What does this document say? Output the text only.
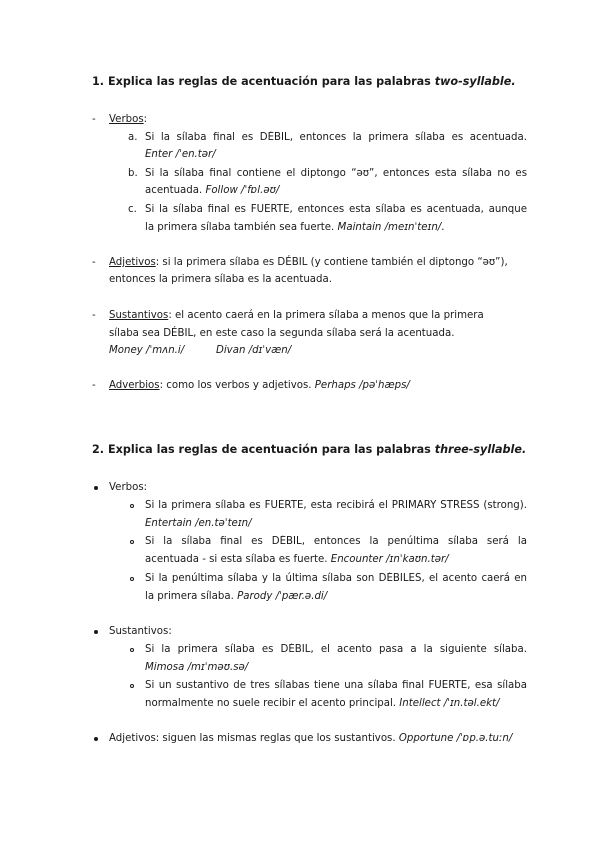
1. Explica las reglas de acentuación para las palabras two-syllable.
- Verbos:
a. Si la sílaba final es DÉBIL, entonces la primera sílaba es acentuada.
Enter /ˈen.tər/
b. Si la sílaba final contiene el diptongo “əʊ”, entonces esta sílaba no es
acentuada. Follow /ˈfɒl.əʊ/
c. Si la sílaba final es FUERTE, entonces esta sílaba es acentuada, aunque
la primera sílaba también sea fuerte. Maintain /meɪnˈteɪn/.
- Adjetivos: si la primera sílaba es DÉBIL (y contiene también el diptongo “əʊ”),
entonces la primera sílaba es la acentuada.
- Sustantivos: el acento caerá en la primera sílaba a menos que la primera
sílaba sea DÉBIL, en este caso la segunda sílaba será la acentuada.
Money /ˈmʌn.i/	Divan /dɪˈvæn/
- Adverbios: como los verbos y adjetivos. Perhaps /pəˈhæps/
2. Explica las reglas de acentuación para las palabras three-syllable.
Verbos:
Si la primera sílaba es FUERTE, esta recibirá el PRIMARY STRESS (strong).
Entertain /en.təˈteɪn/
Si la sílaba final es DÉBIL, entonces la penúltima sílaba será la
acentuada - si esta sílaba es fuerte. Encounter /ɪnˈkaʊn.tər/
Si la penúltima sílaba y la última sílaba son DÉBILES, el acento caerá en
la primera sílaba. Parody /ˈpær.ə.di/
Sustantivos:
Si la primera sílaba es DÉBIL, el acento pasa a la siguiente sílaba.
Mimosa /mɪˈməʊ.sə/
Si un sustantivo de tres sílabas tiene una sílaba final FUERTE, esa sílaba
normalmente no suele recibir el acento principal. Intellect /ˈɪn.təl.ekt/
Adjetivos: siguen las mismas reglas que los sustantivos. Opportune /ˈɒp.ə.tuːn/
